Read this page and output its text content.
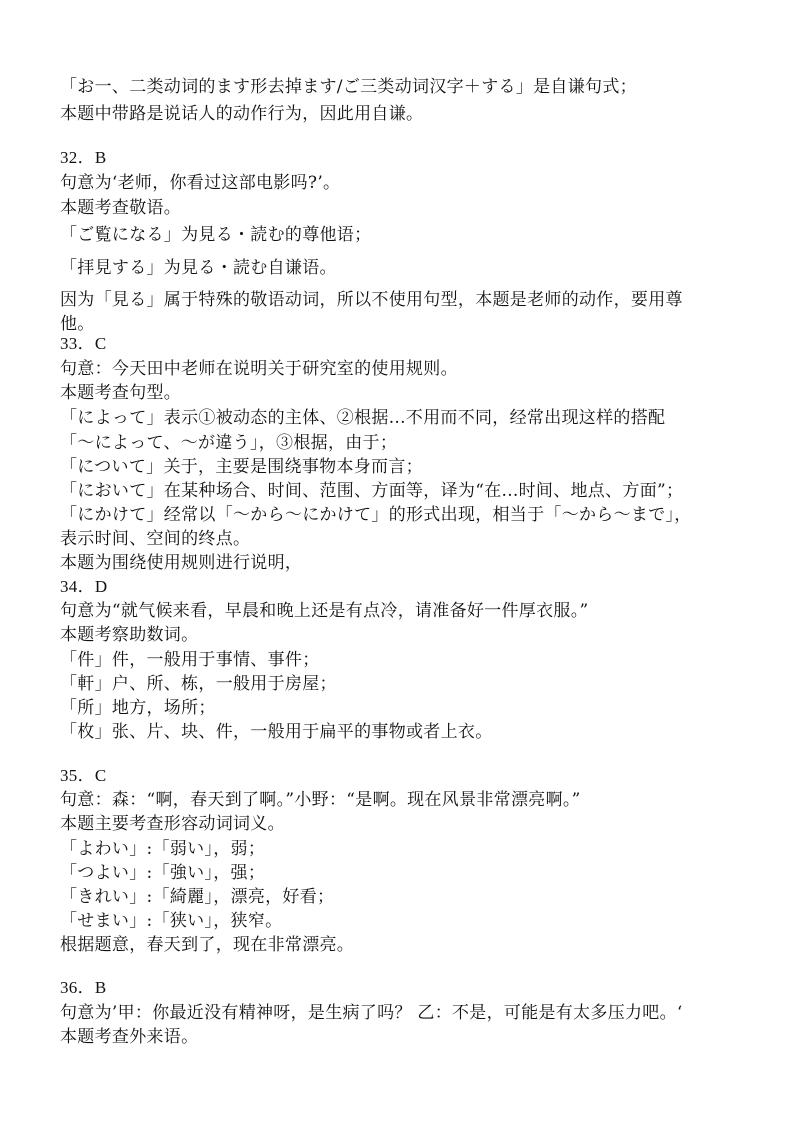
「お一、二类动词的ます形去掉ます/ご三类动词汉字＋する」是自谦句式；
本题中带路是说话人的动作行为，因此用自谦。
32．B
句意为‘老师，你看过这部电影吗?’。
本题考查敬语。
「ご覧になる」为見る・読む的尊他语；
「拝見する」为見る・読む自谦语。
因为「見る」属于特殊的敬语动词，所以不使用句型，本题是老师的动作，要用尊
他。
33．C
句意：今天田中老师在说明关于研究室的使用规则。
本题考查句型。
「によって」表示①被动态的主体、②根据...不用而不同，经常出现这样的搭配
「～によって、～が違う」，③根据，由于；
「について」关于，主要是围绕事物本身而言；
「において」在某种场合、时间、范围、方面等，译为“在...时间、地点、方面”；
「にかけて」经常以「～から～にかけて」的形式出现，相当于「～から～まで」，
表示时间、空间的终点。
本题为围绕使用规则进行说明，
34．D
句意为“就气候来看，早晨和晚上还是有点冷，请准备好一件厚衣服。”
本题考察助数词。
「件」件，一般用于事情、事件；
「軒」户、所、栋，一般用于房屋；
「所」地方，场所；
「枚」张、片、块、件，一般用于扁平的事物或者上衣。
35．C
句意：森：“啊，春天到了啊。”小野：“是啊。现在风景非常漂亮啊。”
本题主要考查形容动词词义。
「よわい」:「弱い」，弱；
「つよい」:「強い」，强；
「きれい」:「綺麗」，漂亮，好看；
「せまい」:「狭い」，狭窄。
根据题意，春天到了，现在非常漂亮。
36．B
句意为’甲：你最近没有精神呀，是生病了吗？ 乙：不是，可能是有太多压力吧。‘
本题考查外来语。
